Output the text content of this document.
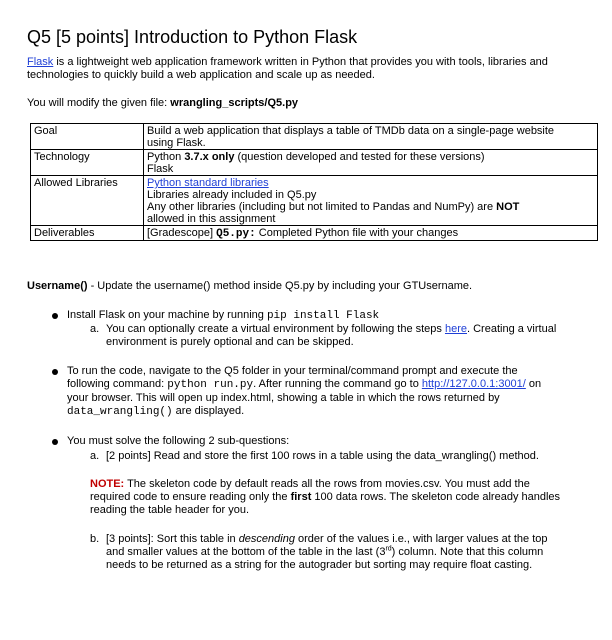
Q5 [5 points] Introduction to Python Flask

Flask is a lightweight web application framework written in Python that provides you with tools, libraries and
technologies to quickly build a web application and scale up as needed.

You will modify the given file: wrangling_scripts/Q5.py

Goal	Build a web application that displays a table of TMDb data on a single-page website
using Flask.

Technology	Python 3.7.x only (question developed and tested for these versions)
Flask

Allowed Libraries	Python standard libraries
Libraries already included in Q5.py
Any other libraries (including but not limited to Pandas and NumPy) are NOT
allowed in this assignment

Deliverables	[Gradescope] Q5.py: Completed Python file with your changes

Username() - Update the username() method inside Q5.py by including your GTUsername.

Install Flask on your machine by running pip install Flask

a. You can optionally create a virtual environment by following the steps here. Creating a virtual
environment is purely optional and can be skipped.

To run the code, navigate to the Q5 folder in your terminal/command prompt and execute the
following command: python run.py. After running the command go to http://127.0.0.1:3001/ on
your browser. This will open up index.html, showing a table in which the rows returned by
data_wrangling() are displayed.

You must solve the following 2 sub-questions:

a. [2 points] Read and store the first 100 rows in a table using the data_wrangling() method.

NOTE: The skeleton code by default reads all the rows from movies.csv. You must add the
required code to ensure reading only the first 100 data rows. The skeleton code already handles
reading the table header for you.

b. [3 points]: Sort this table in descending order of the values i.e., with larger values at the top
and smaller values at the bottom of the table in the last (3rd) column. Note that this column
needs to be returned as a string for the autograder but sorting may require float casting.
